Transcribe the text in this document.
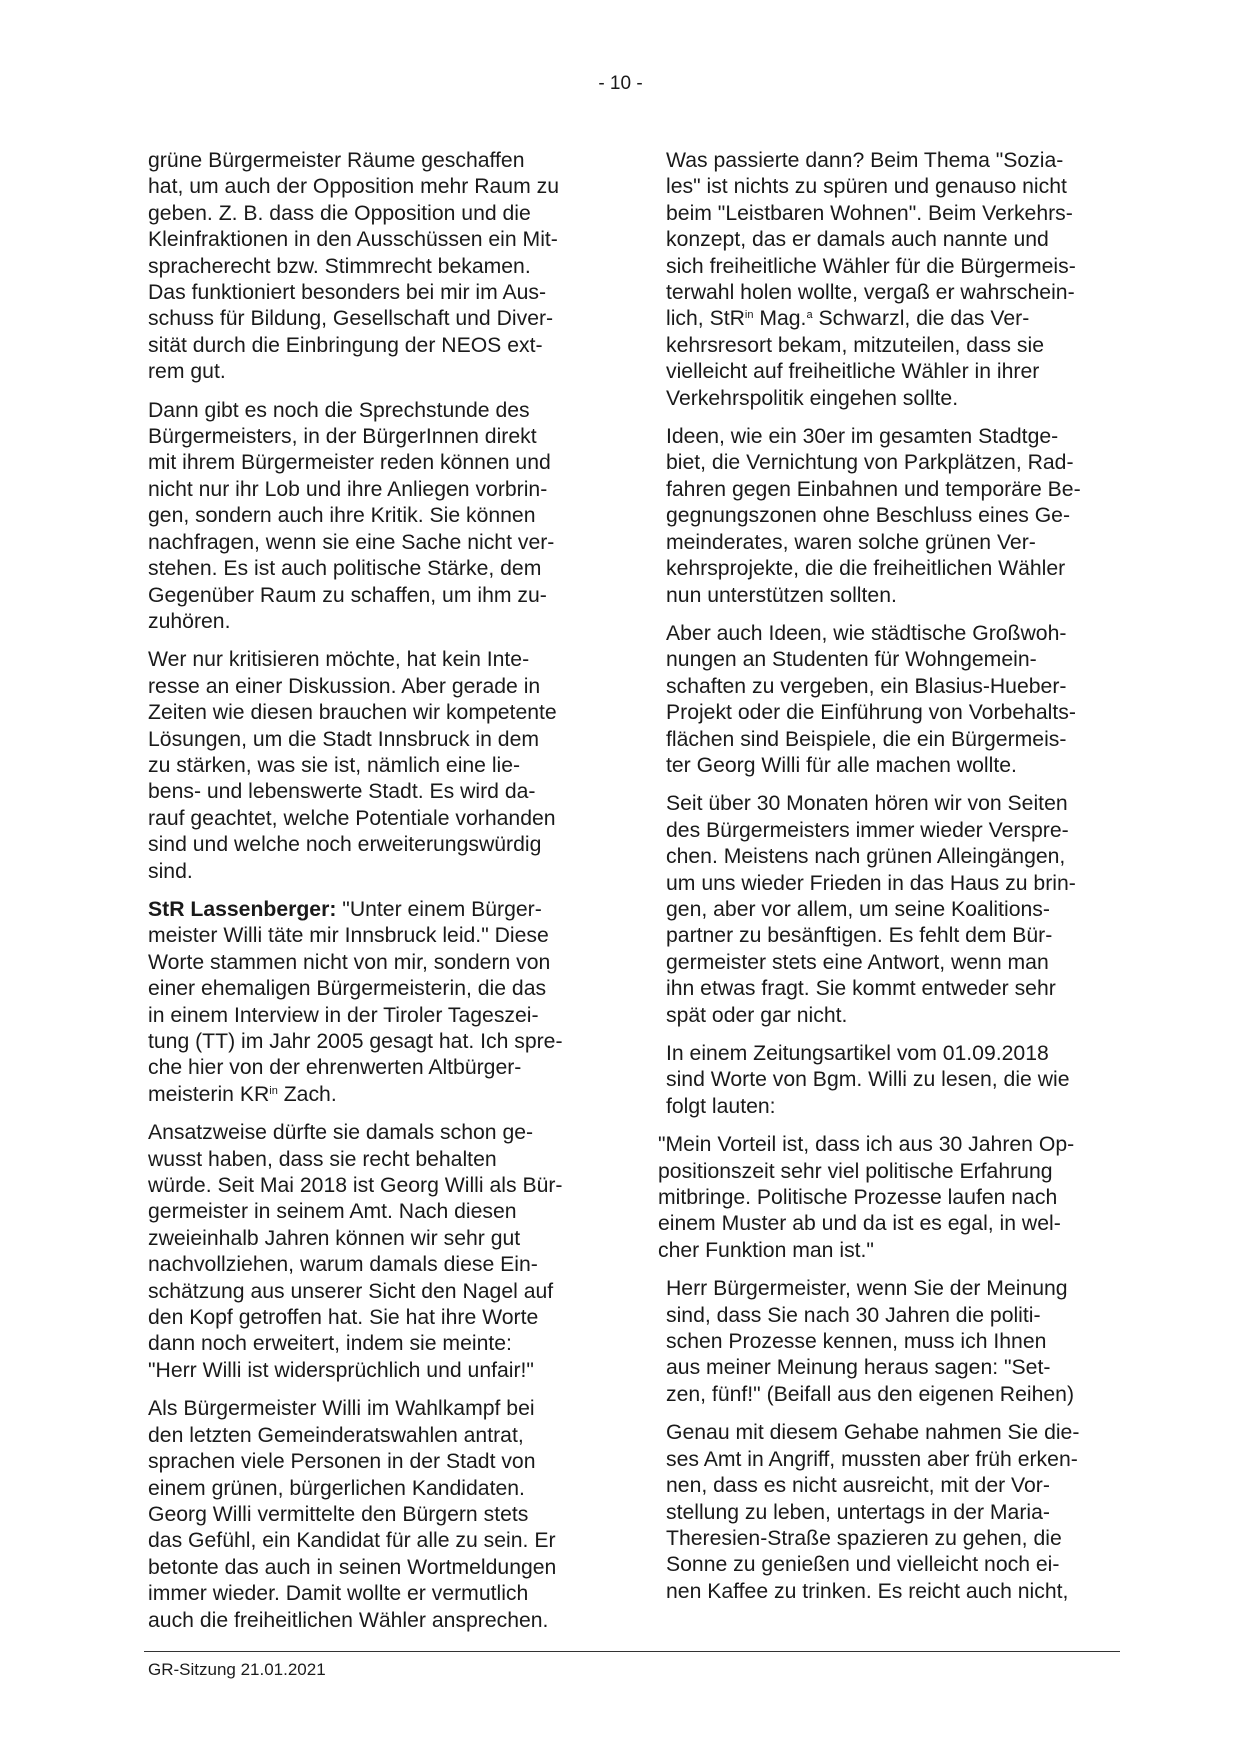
- 10 -

grüne Bürgermeister Räume geschaffen
hat, um auch der Opposition mehr Raum zu
geben. Z. B. dass die Opposition und die
Kleinfraktionen in den Ausschüssen ein Mit-
spracherecht bzw. Stimmrecht bekamen.
Das funktioniert besonders bei mir im Aus-
schuss für Bildung, Gesellschaft und Diver-
sität durch die Einbringung der NEOS ext-
rem gut.

Dann gibt es noch die Sprechstunde des
Bürgermeisters, in der BürgerInnen direkt
mit ihrem Bürgermeister reden können und
nicht nur ihr Lob und ihre Anliegen vorbrin-
gen, sondern auch ihre Kritik. Sie können
nachfragen, wenn sie eine Sache nicht ver-
stehen. Es ist auch politische Stärke, dem
Gegenüber Raum zu schaffen, um ihm zu-
zuhören.

Wer nur kritisieren möchte, hat kein Inte-
resse an einer Diskussion. Aber gerade in
Zeiten wie diesen brauchen wir kompetente
Lösungen, um die Stadt Innsbruck in dem
zu stärken, was sie ist, nämlich eine lie-
bens- und lebenswerte Stadt. Es wird da-
rauf geachtet, welche Potentiale vorhanden
sind und welche noch erweiterungswürdig
sind.

StR Lassenberger: "Unter einem Bürger-
meister Willi täte mir Innsbruck leid." Diese
Worte stammen nicht von mir, sondern von
einer ehemaligen Bürgermeisterin, die das
in einem Interview in der Tiroler Tageszei-
tung (TT) im Jahr 2005 gesagt hat. Ich spre-
che hier von der ehrenwerten Altbürger-
meisterin $KR^{in}$ Zach.

Ansatzweise dürfte sie damals schon ge-
wusst haben, dass sie recht behalten
würde. Seit Mai 2018 ist Georg Willi als Bür-
germeister in seinem Amt. Nach diesen
zweieinhalb Jahren können wir sehr gut
nachvollziehen, warum damals diese Ein-
schätzung aus unserer Sicht den Nagel auf
den Kopf getroffen hat. Sie hat ihre Worte
dann noch erweitert, indem sie meinte:
"Herr Willi ist widersprüchlich und unfair!"

Als Bürgermeister Willi im Wahlkampf bei
den letzten Gemeinderatswahlen antrat,
sprachen viele Personen in der Stadt von
einem grünen, bürgerlichen Kandidaten.
Georg Willi vermittelte den Bürgern stets
das Gefühl, ein Kandidat für alle zu sein. Er
betonte das auch in seinen Wortmeldungen
immer wieder. Damit wollte er vermutlich
auch die freiheitlichen Wähler ansprechen.

Was passierte dann? Beim Thema "Sozia-
les" ist nichts zu spüren und genauso nicht
beim "Leistbaren Wohnen". Beim Verkehrs-
konzept, das er damals auch nannte und
sich freiheitliche Wähler für die Bürgermeis-
terwahl holen wollte, vergaß er wahrschein-
lich, StR$^{in}$ Mag.$^a$ Schwarzl, die das Ver-
kehrsresort bekam, mitzuteilen, dass sie
vielleicht auf freiheitliche Wähler in ihrer
Verkehrspolitik eingehen sollte.

Ideen, wie ein 30er im gesamten Stadtge-
biet, die Vernichtung von Parkplätzen, Rad-
fahren gegen Einbahnen und temporäre Be-
gegnungszonen ohne Beschluss eines Ge-
meinderates, waren solche grünen Ver-
kehrsprojekte, die die freiheitlichen Wähler
nun unterstützen sollten.

Aber auch Ideen, wie städtische Großwoh-
nungen an Studenten für Wohngemein-
schaften zu vergeben, ein Blasius-Hueber-
Projekt oder die Einführung von Vorbehalts-
flächen sind Beispiele, die ein Bürgermeis-
ter Georg Willi für alle machen wollte.

Seit über 30 Monaten hören wir von Seiten
des Bürgermeisters immer wieder Verspre-
chen. Meistens nach grünen Alleingängen,
um uns wieder Frieden in das Haus zu brin-
gen, aber vor allem, um seine Koalitions-
partner zu besänftigen. Es fehlt dem Bür-
germeister stets eine Antwort, wenn man
ihn etwas fragt. Sie kommt entweder sehr
spät oder gar nicht.

In einem Zeitungsartikel vom 01.09.2018
sind Worte von Bgm. Willi zu lesen, die wie
folgt lauten:

"Mein Vorteil ist, dass ich aus 30 Jahren Op-
positionszeit sehr viel politische Erfahrung
mitbringe. Politische Prozesse laufen nach
einem Muster ab und da ist es egal, in wel-
cher Funktion man ist."

Herr Bürgermeister, wenn Sie der Meinung
sind, dass Sie nach 30 Jahren die politi-
schen Prozesse kennen, muss ich Ihnen
aus meiner Meinung heraus sagen: "Set-
zen, fünf!" (Beifall aus den eigenen Reihen)

Genau mit diesem Gehabe nahmen Sie die-
ses Amt in Angriff, mussten aber früh erken-
nen, dass es nicht ausreicht, mit der Vor-
stellung zu leben, untertags in der Maria-
Theresien-Straße spazieren zu gehen, die
Sonne zu genießen und vielleicht noch ei-
nen Kaffee zu trinken. Es reicht auch nicht,

GR-Sitzung 21.01.2021
